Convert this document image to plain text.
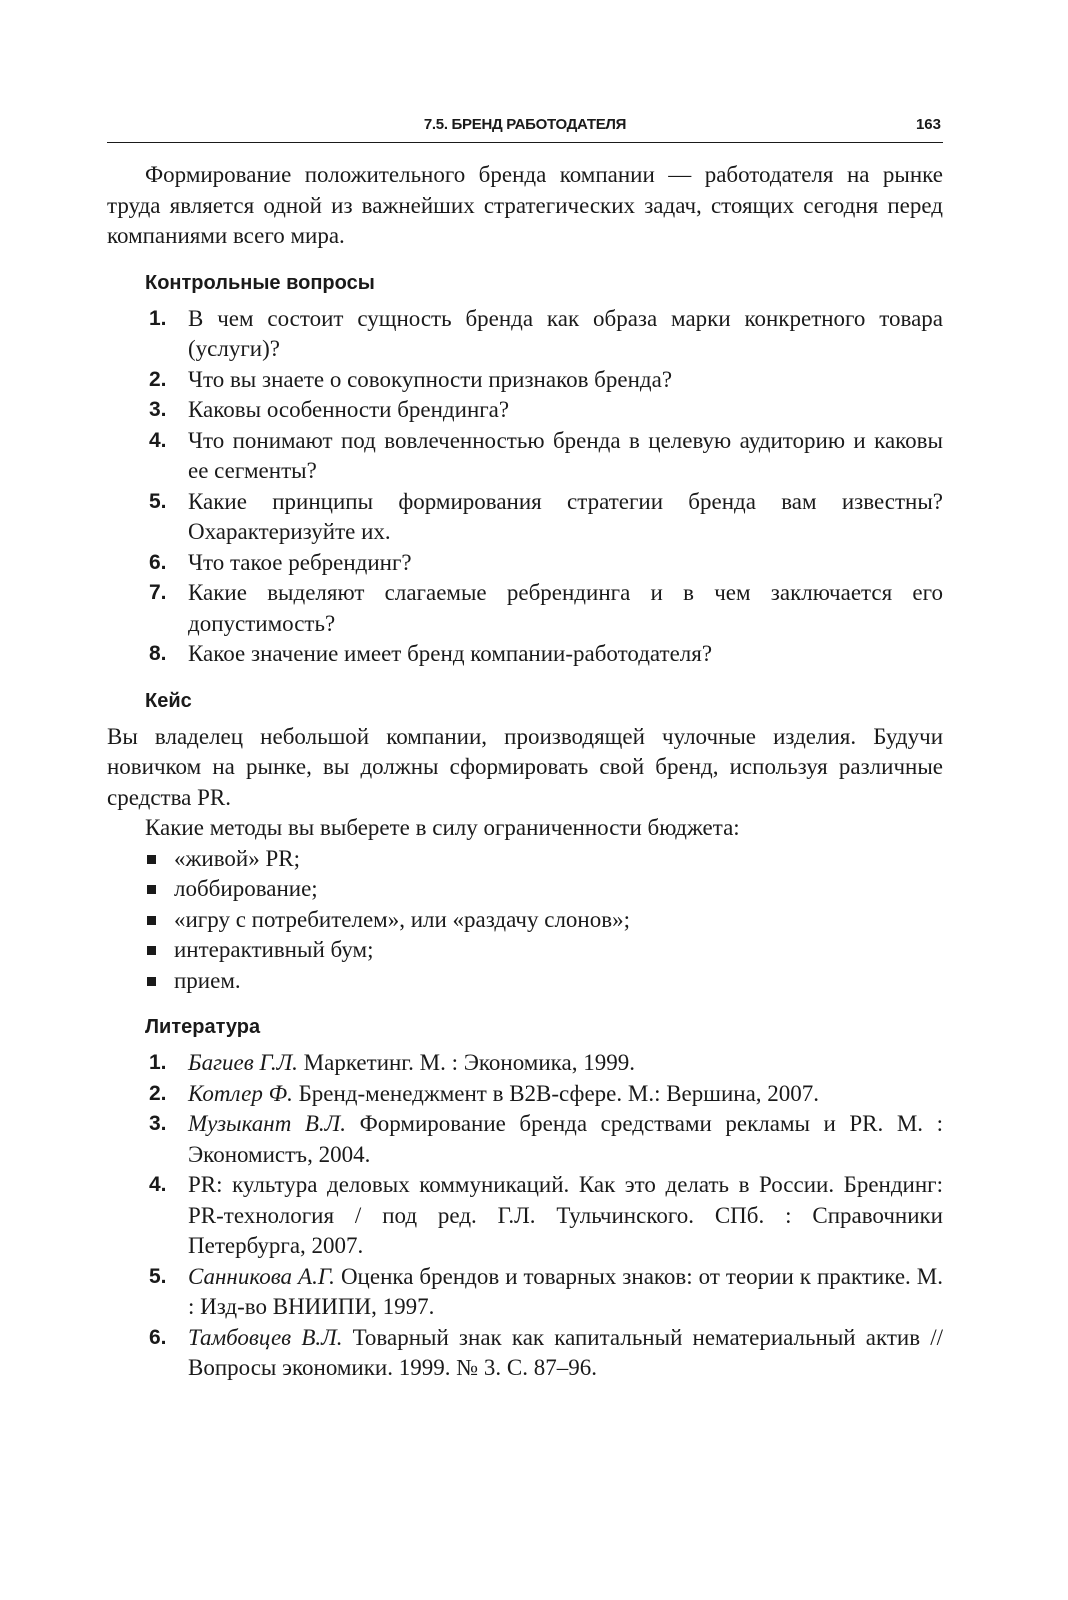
7.5. БРЕНД РАБОТОДАТЕЛЯ	163

Формирование положительного бренда компании — работодателя на рынке труда является одной из важнейших стратегических задач, стоящих сегодня перед компаниями всего мира.

Контрольные вопросы
1. В чем состоит сущность бренда как образа марки конкретного товара (услуги)?
2. Что вы знаете о совокупности признаков бренда?
3. Каковы особенности брендинга?
4. Что понимают под вовлеченностью бренда в целевую аудиторию и каковы ее сегменты?
5. Какие принципы формирования стратегии бренда вам известны? Охарактеризуйте их.
6. Что такое ребрендинг?
7. Какие выделяют слагаемые ребрендинга и в чем заключается его допустимость?
8. Какое значение имеет бренд компании-работодателя?
Кейс

Вы владелец небольшой компании, производящей чулочные изделия. Будучи новичком на рынке, вы должны сформировать свой бренд, используя различные средства PR.

Какие методы вы выберете в силу ограниченности бюджета:

«живой» PR;
лоббирование;
«игру с потребителем», или «раздачу слонов»;
интерактивный бум;
прием.
Литература
1. Багиев Г.Л. Маркетинг. М. : Экономика, 1999.
2. Котлер Ф. Бренд-менеджмент в B2B-сфере. М.: Вершина, 2007.
3. Музыкант В.Л. Формирование бренда средствами рекламы и PR. М. : Экономистъ, 2004.
4. PR: культура деловых коммуникаций. Как это делать в России. Брендинг: PR-технология / под ред. Г.Л. Тульчинского. СПб. : Справочники Петербурга, 2007.
5. Санникова А.Г. Оценка брендов и товарных знаков: от теории к практике. М. : Изд-во ВНИИПИ, 1997.
6. Тамбовцев В.Л. Товарный знак как капитальный нематериальный актив // Вопросы экономики. 1999. № 3. С. 87–96.
